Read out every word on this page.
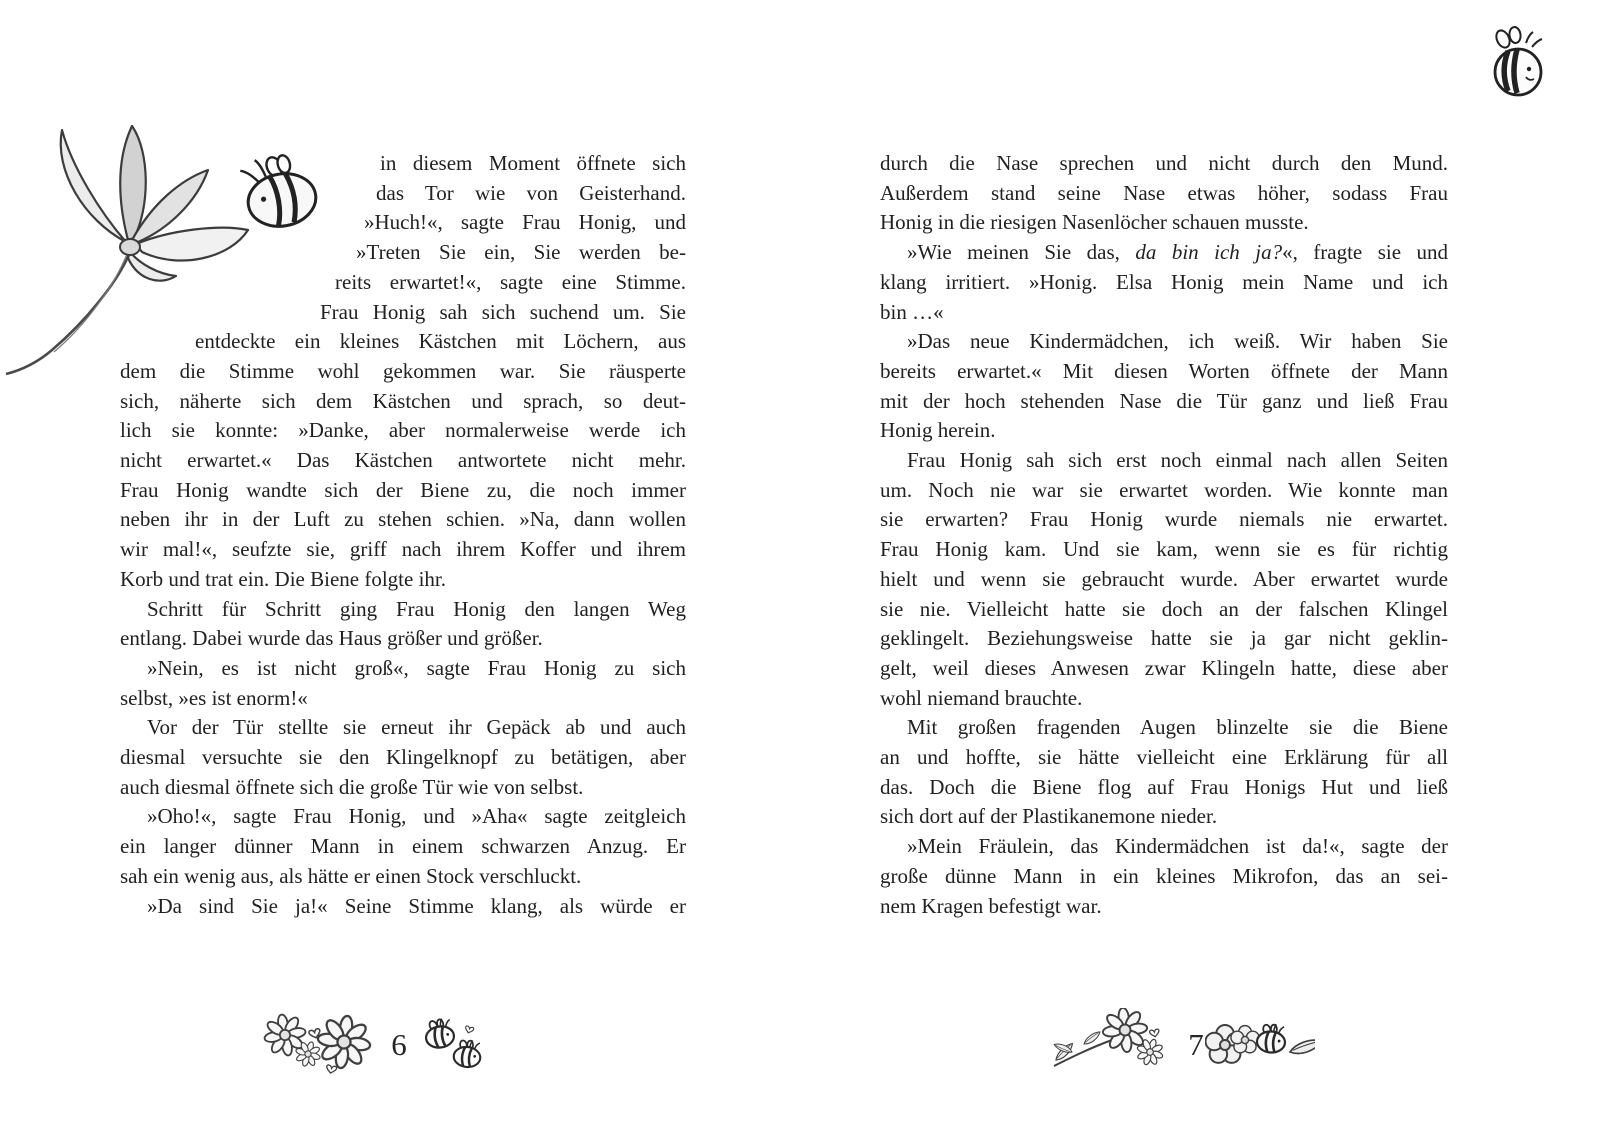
in diesem Moment öffnete sich
das Tor wie von Geisterhand.
»Huch!«, sagte Frau Honig, und
»Treten Sie ein, Sie werden be-
reits erwartet!«, sagte eine Stimme.
Frau Honig sah sich suchend um. Sie
entdeckte ein kleines Kästchen mit Löchern, aus
dem die Stimme wohl gekommen war. Sie räusperte
sich, näherte sich dem Kästchen und sprach, so deut-
lich sie konnte: »Danke, aber normalerweise werde ich
nicht erwartet.« Das Kästchen antwortete nicht mehr.
Frau Honig wandte sich der Biene zu, die noch immer
neben ihr in der Luft zu stehen schien. »Na, dann wollen
wir mal!«, seufzte sie, griff nach ihrem Koffer und ihrem
Korb und trat ein. Die Biene folgte ihr.
Schritt für Schritt ging Frau Honig den langen Weg
entlang. Dabei wurde das Haus größer und größer.
»Nein, es ist nicht groß«, sagte Frau Honig zu sich
selbst, »es ist enorm!«
Vor der Tür stellte sie erneut ihr Gepäck ab und auch
diesmal versuchte sie den Klingelknopf zu betätigen, aber
auch diesmal öffnete sich die große Tür wie von selbst.
»Oho!«, sagte Frau Honig, und »Aha« sagte zeitgleich
ein langer dünner Mann in einem schwarzen Anzug. Er
sah ein wenig aus, als hätte er einen Stock verschluckt.
»Da sind Sie ja!« Seine Stimme klang, als würde er
durch die Nase sprechen und nicht durch den Mund.
Außerdem stand seine Nase etwas höher, sodass Frau
Honig in die riesigen Nasenlöcher schauen musste.
»Wie meinen Sie das, da bin ich ja?«, fragte sie und
klang irritiert. »Honig. Elsa Honig mein Name und ich
bin …«
»Das neue Kindermädchen, ich weiß. Wir haben Sie
bereits erwartet.« Mit diesen Worten öffnete der Mann
mit der hoch stehenden Nase die Tür ganz und ließ Frau
Honig herein.
Frau Honig sah sich erst noch einmal nach allen Seiten
um. Noch nie war sie erwartet worden. Wie konnte man
sie erwarten? Frau Honig wurde niemals nie erwartet.
Frau Honig kam. Und sie kam, wenn sie es für richtig
hielt und wenn sie gebraucht wurde. Aber erwartet wurde
sie nie. Vielleicht hatte sie doch an der falschen Klingel
geklingelt. Beziehungsweise hatte sie ja gar nicht geklin-
gelt, weil dieses Anwesen zwar Klingeln hatte, diese aber
wohl niemand brauchte.
Mit großen fragenden Augen blinzelte sie die Biene
an und hoffte, sie hätte vielleicht eine Erklärung für all
das. Doch die Biene flog auf Frau Honigs Hut und ließ
sich dort auf der Plastikanemone nieder.
»Mein Fräulein, das Kindermädchen ist da!«, sagte der
große dünne Mann in ein kleines Mikrofon, das an sei-
nem Kragen befestigt war.
6	7
